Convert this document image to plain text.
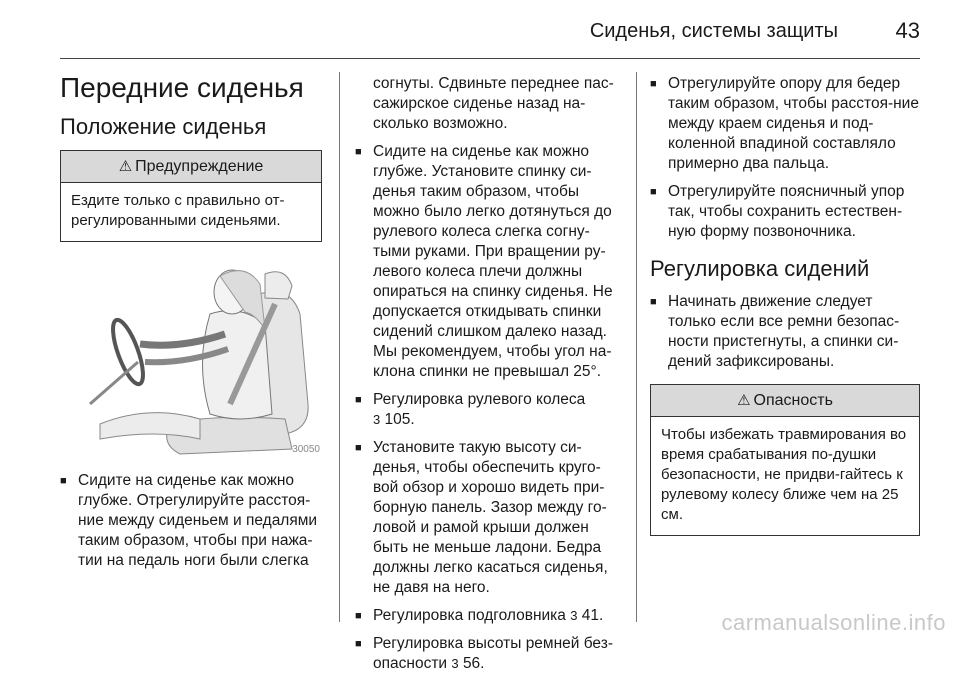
Сиденья, системы защиты	43
Передние сиденья
Положение сиденья
⚠ Предупреждение
Ездите только с правильно от-регулированными сиденьями.
30050
■ Сидите на сиденье как можно глубже. Отрегулируйте расстоя-ние между сиденьем и педалями таким образом, чтобы при нажа-тии на педаль ноги были слегка
согнуты. Сдвиньте переднее пас-сажирское сиденье назад на-сколько возможно.
■ Сидите на сиденье как можно глубже. Установите спинку си-денья таким образом, чтобы можно было легко дотянуться до рулевого колеса слегка согну-тыми руками. При вращении ру-левого колеса плечи должны опираться на спинку сиденья. Не допускается откидывать спинки сидений слишком далеко назад. Мы рекомендуем, чтобы угол на-клона спинки не превышал 25°.
■ Регулировка рулевого колеса
3 105.
■ Установите такую высоту си-денья, чтобы обеспечить круго-вой обзор и хорошо видеть при-борную панель. Зазор между го-ловой и рамой крыши должен быть не меньше ладони. Бедра должны легко касаться сиденья, не давя на него.
■ Регулировка подголовника 3 41.
■ Регулировка высоты ремней без-опасности 3 56.
■ Отрегулируйте опору для бедер таким образом, чтобы расстоя-ние между краем сиденья и под-коленной впадиной составляло примерно два пальца.
■ Отрегулируйте поясничный упор так, чтобы сохранить естествен-ную форму позвоночника.
Регулировка сидений
■ Начинать движение следует только если все ремни безопас-ности пристегнуты, а спинки си-дений зафиксированы.
⚠ Опасность
Чтобы избежать травмирования во время срабатывания по-душки безопасности, не придви-гайтесь к рулевому колесу ближе чем на 25 см.
carmanualsonline.info
